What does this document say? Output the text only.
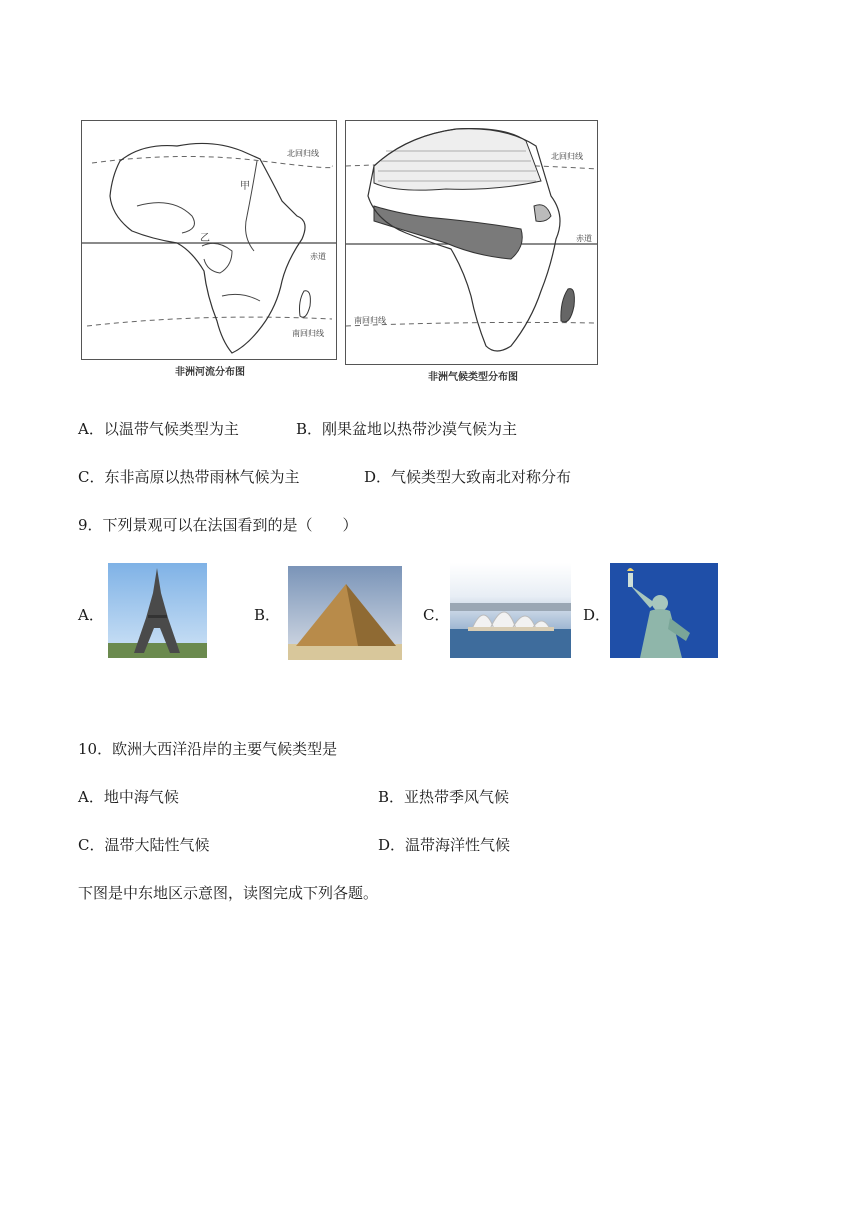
北回归线
甲
乙
赤道
南回归线
非洲河流分布图
北回归线
赤道
南回归线
非洲气候类型分布图
A．以温带气候类型为主	B．刚果盆地以热带沙漠气候为主
C．东非高原以热带雨林气候为主	D．气候类型大致南北对称分布
9．下列景观可以在法国看到的是（　　）
A．	B．	C．	D．
10．欧洲大西洋沿岸的主要气候类型是
A．地中海气候	B．亚热带季风气候
C．温带大陆性气候	D．温带海洋性气候
下图是中东地区示意图，读图完成下列各题。
